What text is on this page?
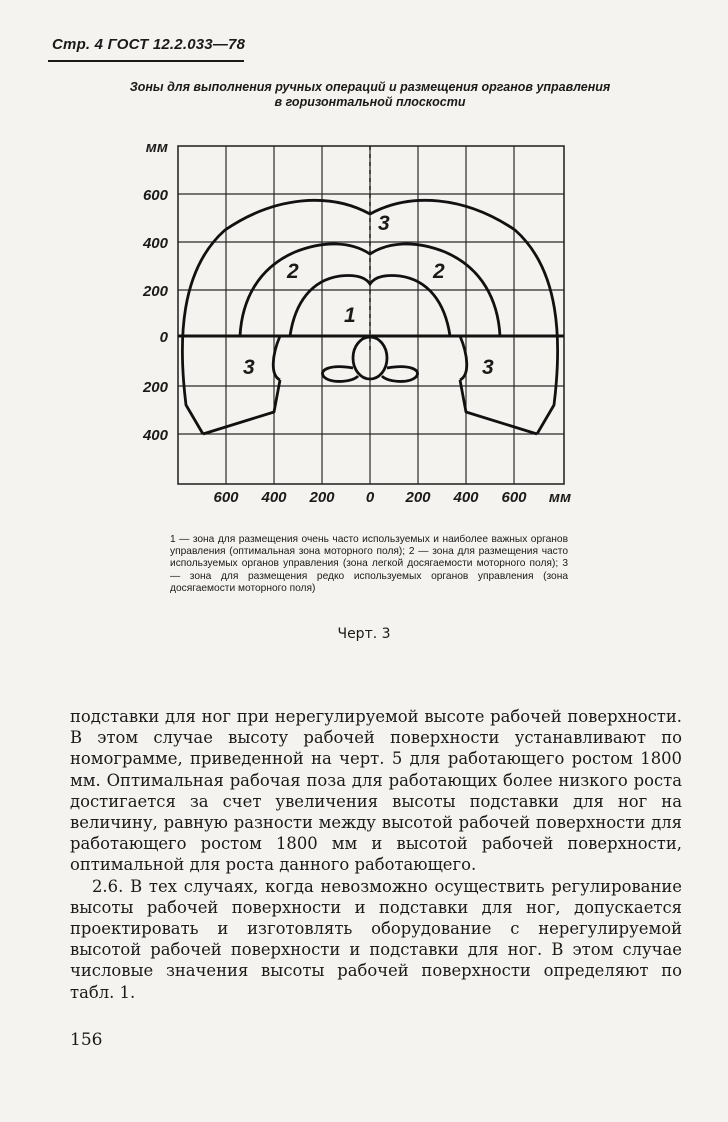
Стр. 4 ГОСТ 12.2.033—78
Зоны для выполнения ручных операций и размещения органов управления
в горизонтальной плоскости
1
2	2
3
3	3
мм
600
400
200
0
200
400
600 400 200 0 200 400 600 мм
1 — зона для размещения очень часто используемых и наиболее важных органов управления (оптимальная зона моторного поля); 2 — зона для размещения часто используемых органов управления (зона легкой досягаемости моторного поля); 3 — зона для размещения редко используемых органов управления (зона досягаемости моторного поля)
Черт. 3

подставки для ног при нерегулируемой высоте рабочей поверхности. В этом случае высоту рабочей поверхности устанавливают по номограмме, приведенной на черт. 5 для работающего ростом 1800 мм. Оптимальная рабочая поза для работающих более низкого роста достигается за счет увеличения высоты подставки для ног на величину, равную разности между высотой рабочей поверхности для работающего ростом 1800 мм и высотой рабочей поверхности, оптимальной для роста данного работающего.

2.6. В тех случаях, когда невозможно осуществить регулирование высоты рабочей поверхности и подставки для ног, допускается проектировать и изготовлять оборудование с нерегулируемой высотой рабочей поверхности и подставки для ног. В этом случае числовые значения высоты рабочей поверхности определяют по табл. 1.

156
